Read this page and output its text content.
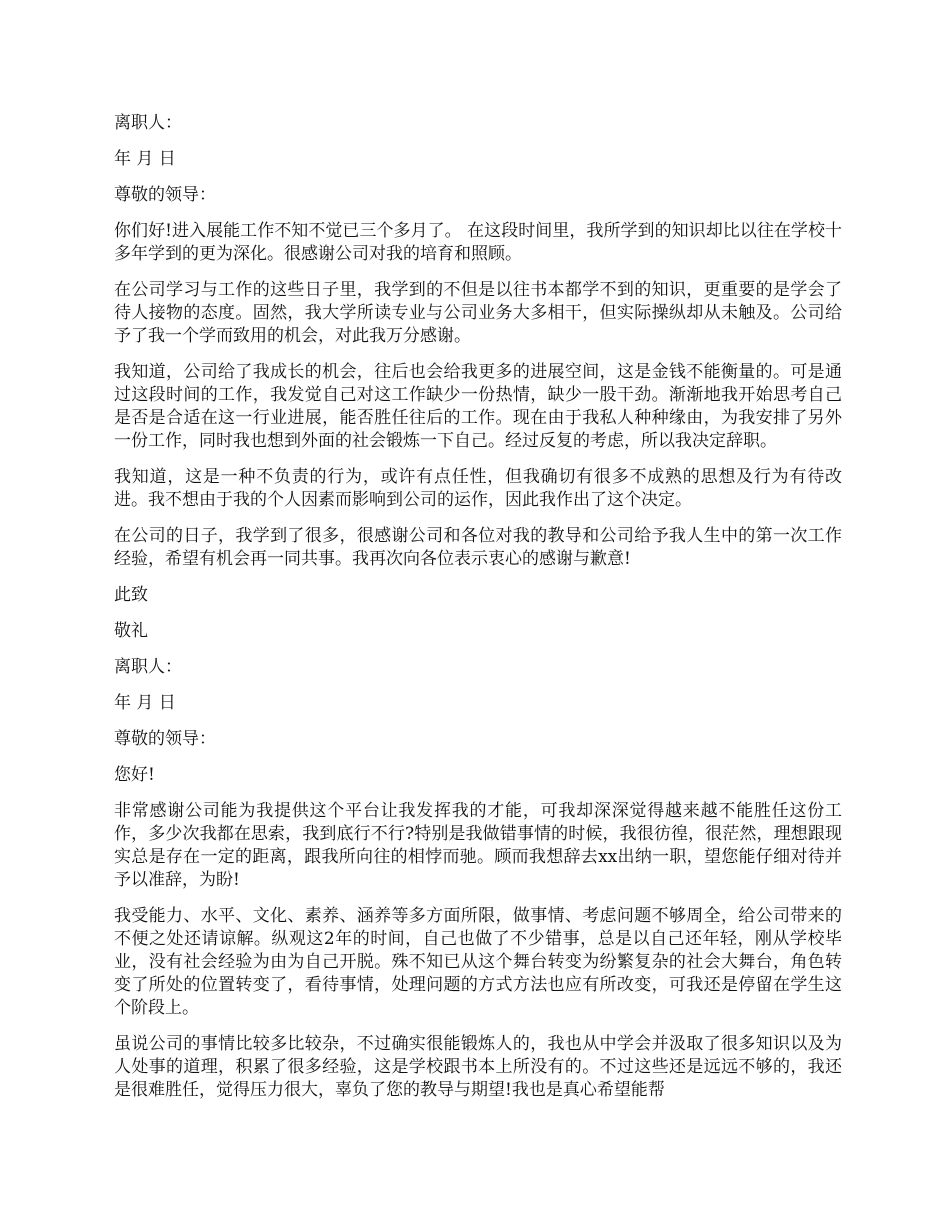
离职人：

年 月 日

尊敬的领导：

你们好!进入展能工作不知不觉已三个多月了。 在这段时间里，我所学到的知识却比以往在学校十多年学到的更为深化。很感谢公司对我的培育和照顾。

在公司学习与工作的这些日子里，我学到的不但是以往书本都学不到的知识，更重要的是学会了待人接物的态度。固然，我大学所读专业与公司业务大多相干，但实际操纵却从未触及。公司给予了我一个学而致用的机会，对此我万分感谢。

我知道，公司给了我成长的机会，往后也会给我更多的进展空间，这是金钱不能衡量的。可是通过这段时间的工作，我发觉自己对这工作缺少一份热情，缺少一股干劲。渐渐地我开始思考自己是否是合适在这一行业进展，能否胜任往后的工作。现在由于我私人种种缘由，为我安排了另外一份工作，同时我也想到外面的社会锻炼一下自己。经过反复的考虑，所以我决定辞职。

我知道，这是一种不负责的行为，或许有点任性，但我确切有很多不成熟的思想及行为有待改进。我不想由于我的个人因素而影响到公司的运作，因此我作出了这个决定。

在公司的日子，我学到了很多，很感谢公司和各位对我的教导和公司给予我人生中的第一次工作经验，希望有机会再一同共事。我再次向各位表示衷心的感谢与歉意!

此致

敬礼

离职人：

年 月 日

尊敬的领导：

您好!

非常感谢公司能为我提供这个平台让我发挥我的才能，可我却深深觉得越来越不能胜任这份工作，多少次我都在思索，我到底行不行?特别是我做错事情的时候，我很彷徨，很茫然，理想跟现实总是存在一定的距离，跟我所向往的相悖而驰。顾而我想辞去xx出纳一职，望您能仔细对待并予以准辞，为盼!

我受能力、水平、文化、素养、涵养等多方面所限，做事情、考虑问题不够周全，给公司带来的不便之处还请谅解。纵观这2年的时间，自己也做了不少错事，总是以自己还年轻，刚从学校毕业，没有社会经验为由为自己开脱。殊不知已从这个舞台转变为纷繁复杂的社会大舞台，角色转变了所处的位置转变了，看待事情，处理问题的方式方法也应有所改变，可我还是停留在学生这个阶段上。

虽说公司的事情比较多比较杂，不过确实很能锻炼人的，我也从中学会并汲取了很多知识以及为人处事的道理，积累了很多经验，这是学校跟书本上所没有的。不过这些还是远远不够的，我还是很难胜任，觉得压力很大，辜负了您的教导与期望!我也是真心希望能帮
